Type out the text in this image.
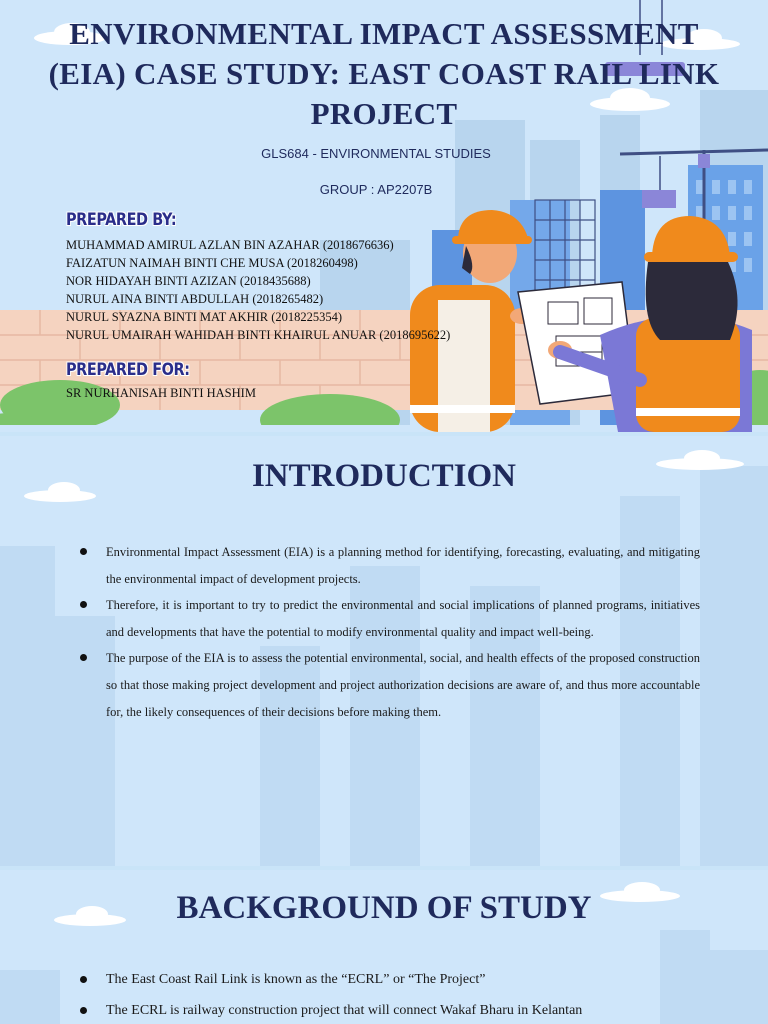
ENVIRONMENTAL IMPACT ASSESSMENT (EIA) CASE STUDY: EAST COAST RAIL LINK PROJECT
GLS684 - ENVIRONMENTAL STUDIES
GROUP : AP2207B
PREPARED BY:
MUHAMMAD AMIRUL AZLAN BIN AZAHAR (2018676636)
FAIZATUN NAIMAH BINTI CHE MUSA (2018260498)
NOR HIDAYAH BINTI AZIZAN (2018435688)
NURUL AINA BINTI ABDULLAH (2018265482)
NURUL SYAZNA BINTI MAT AKHIR (2018225354)
NURUL UMAIRAH WAHIDAH BINTI KHAIRUL ANUAR (2018695622)
PREPARED FOR:
SR NURHANISAH BINTI HASHIM
INTRODUCTION
Environmental Impact Assessment (EIA) is a planning method for identifying, forecasting, evaluating, and mitigating the environmental impact of development projects.
Therefore, it is important to try to predict the environmental and social implications of planned programs, initiatives and developments that have the potential to modify environmental quality and impact well-being.
The purpose of the EIA is to assess the potential environmental, social, and health effects of the proposed construction so that those making project development and project authorization decisions are aware of, and thus more accountable for, the likely consequences of their decisions before making them.
BACKGROUND OF STUDY
The East Coast Rail Link is known as the “ECRL” or “The Project”
The ECRL is railway construction project that will connect Wakaf Bharu in Kelantan
